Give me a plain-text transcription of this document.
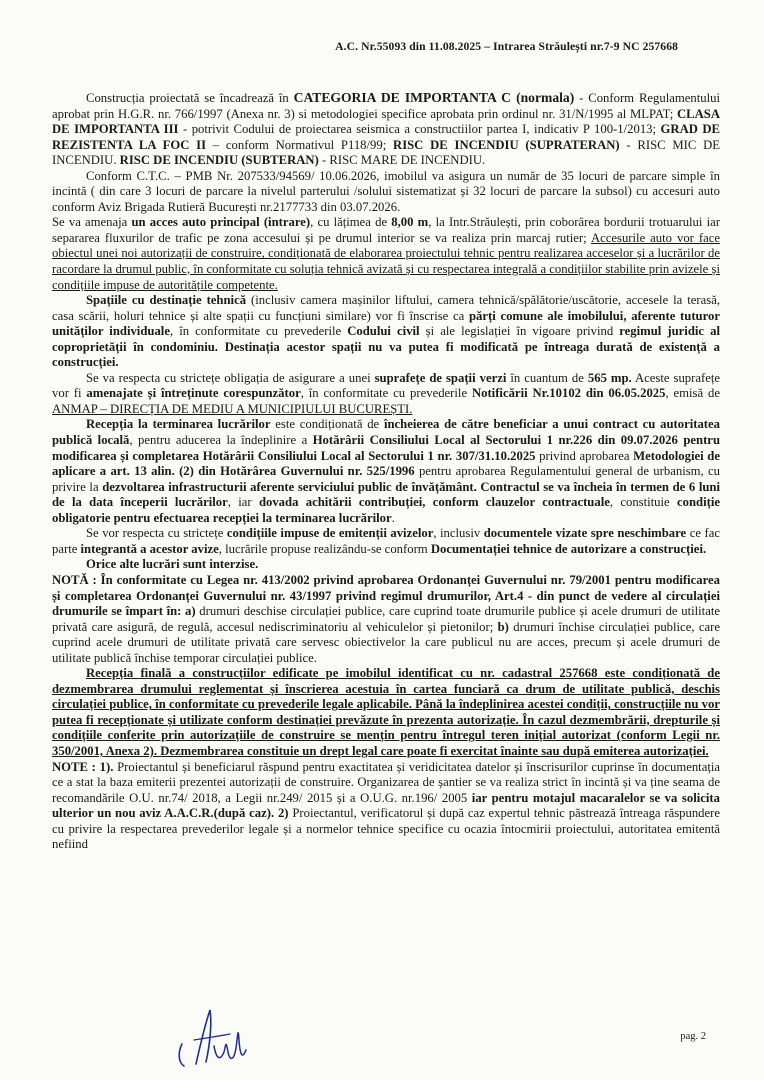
A.C. Nr.55093 din 11.08.2025 – Intrarea Străulești nr.7-9 NC 257668

Construcția proiectată se încadrează în CATEGORIA DE IMPORTANTA C (normala) - Conform Regulamentului aprobat prin H.G.R. nr. 766/1997 (Anexa nr. 3) si metodologiei specifice aprobata prin ordinul nr. 31/N/1995 al MLPAT; CLASA DE IMPORTANTA III - potrivit Codului de proiectarea seismica a constructiilor partea I, indicativ P 100-1/2013; GRAD DE REZISTENTA LA FOC II – conform Normativul P118/99; RISC DE INCENDIU (SUPRATERAN) - RISC MIC DE INCENDIU. RISC DE INCENDIU (SUBTERAN) - RISC MARE DE INCENDIU.

Conform C.T.C. – PMB Nr. 207533/94569/ 10.06.2026, imobilul va asigura un număr de 35 locuri de parcare simple în incintă ( din care 3 locuri de parcare la nivelul parterului /solului sistematizat și 32 locuri de parcare la subsol) cu accesuri auto conform Aviz Brigada Rutieră București nr.2177733 din 03.07.2026.

Se va amenaja un acces auto principal (intrare), cu lățimea de 8,00 m, la Intr.Străulești, prin coborârea bordurii trotuarului iar separarea fluxurilor de trafic pe zona accesului și pe drumul interior se va realiza prin marcaj rutier; Accesurile auto vor face obiectul unei noi autorizații de construire, condiționată de elaborarea proiectului tehnic pentru realizarea acceselor și a lucrărilor de racordare la drumul public, în conformitate cu soluția tehnică avizată și cu respectarea integrală a condițiilor stabilite prin avizele și condițiile impuse de autoritățile competente.

Spațiile cu destinație tehnică (inclusiv camera mașinilor liftului, camera tehnică/spălătorie/uscătorie, accesele la terasă, casa scării, holuri tehnice și alte spații cu funcțiuni similare) vor fi înscrise ca părți comune ale imobilului, aferente tuturor unităților individuale, în conformitate cu prevederile Codului civil și ale legislației în vigoare privind regimul juridic al coproprietății în condominiu. Destinația acestor spații nu va putea fi modificată pe întreaga durată de existență a construcției.

Se va respecta cu strictețe obligația de asigurare a unei suprafețe de spații verzi în cuantum de 565 mp. Aceste suprafețe vor fi amenajate și întreținute corespunzător, în conformitate cu prevederile Notificării Nr.10102 din 06.05.2025, emisă de ANMAP – DIRECȚIA DE MEDIU A MUNICIPIULUI BUCUREȘTI.

Recepția la terminarea lucrărilor este condiționată de încheierea de către beneficiar a unui contract cu autoritatea publică locală, pentru aducerea la îndeplinire a Hotărârii Consiliului Local al Sectorului 1 nr.226 din 09.07.2026 pentru modificarea și completarea Hotărârii Consiliului Local al Sectorului 1 nr. 307/31.10.2025 privind aprobarea Metodologiei de aplicare a art. 13 alin. (2) din Hotărârea Guvernului nr. 525/1996 pentru aprobarea Regulamentului general de urbanism, cu privire la dezvoltarea infrastructurii aferente serviciului public de învățământ. Contractul se va încheia în termen de 6 luni de la data începerii lucrărilor, iar dovada achitării contribuției, conform clauzelor contractuale, constituie condiție obligatorie pentru efectuarea recepției la terminarea lucrărilor.

Se vor respecta cu strictețe condițiile impuse de emitenții avizelor, inclusiv documentele vizate spre neschimbare ce fac parte integrantă a acestor avize, lucrările propuse realizându-se conform Documentației tehnice de autorizare a construcției.

Orice alte lucrări sunt interzise.

NOTĂ : În conformitate cu Legea nr. 413/2002 privind aprobarea Ordonanței Guvernului nr. 79/2001 pentru modificarea și completarea Ordonanței Guvernului nr. 43/1997 privind regimul drumurilor, Art.4 - din punct de vedere al circulației drumurile se împart în: a) drumuri deschise circulației publice, care cuprind toate drumurile publice și acele drumuri de utilitate privată care asigură, de regulă, accesul nediscriminatoriu al vehiculelor și pietonilor; b) drumuri închise circulației publice, care cuprind acele drumuri de utilitate privată care servesc obiectivelor la care publicul nu are acces, precum și acele drumuri de utilitate publică închise temporar circulației publice.

Recepția finală a construcțiilor edificate pe imobilul identificat cu nr. cadastral 257668 este condiționată de dezmembrarea drumului reglementat și înscrierea acestuia în cartea funciară ca drum de utilitate publică, deschis circulației publice, în conformitate cu prevederile legale aplicabile. Până la îndeplinirea acestei condiții, construcțiile nu vor putea fi recepționate și utilizate conform destinației prevăzute în prezenta autorizație. În cazul dezmembrării, drepturile și condițiile conferite prin autorizațiile de construire se mențin pentru întregul teren inițial autorizat (conform Legii nr. 350/2001, Anexa 2). Dezmembrarea constituie un drept legal care poate fi exercitat înainte sau după emiterea autorizației.

NOTE : 1). Proiectantul și beneficiarul răspund pentru exactitatea și veridicitatea datelor și înscrisurilor cuprinse în documentația ce a stat la baza emiterii prezentei autorizații de construire. Organizarea de șantier se va realiza strict în incintă și va ține seama de recomandările O.U. nr.74/ 2018, a Legii nr.249/ 2015 și a O.U.G. nr.196/ 2005 iar pentru motajul macaralelor se va solicita ulterior un nou aviz A.A.C.R.(după caz). 2) Proiectantul, verificatorul și după caz expertul tehnic păstrează întreaga răspundere cu privire la respectarea prevederilor legale și a normelor tehnice specifice cu ocazia întocmirii proiectului, autoritatea emitentă nefiind

pag. 2
